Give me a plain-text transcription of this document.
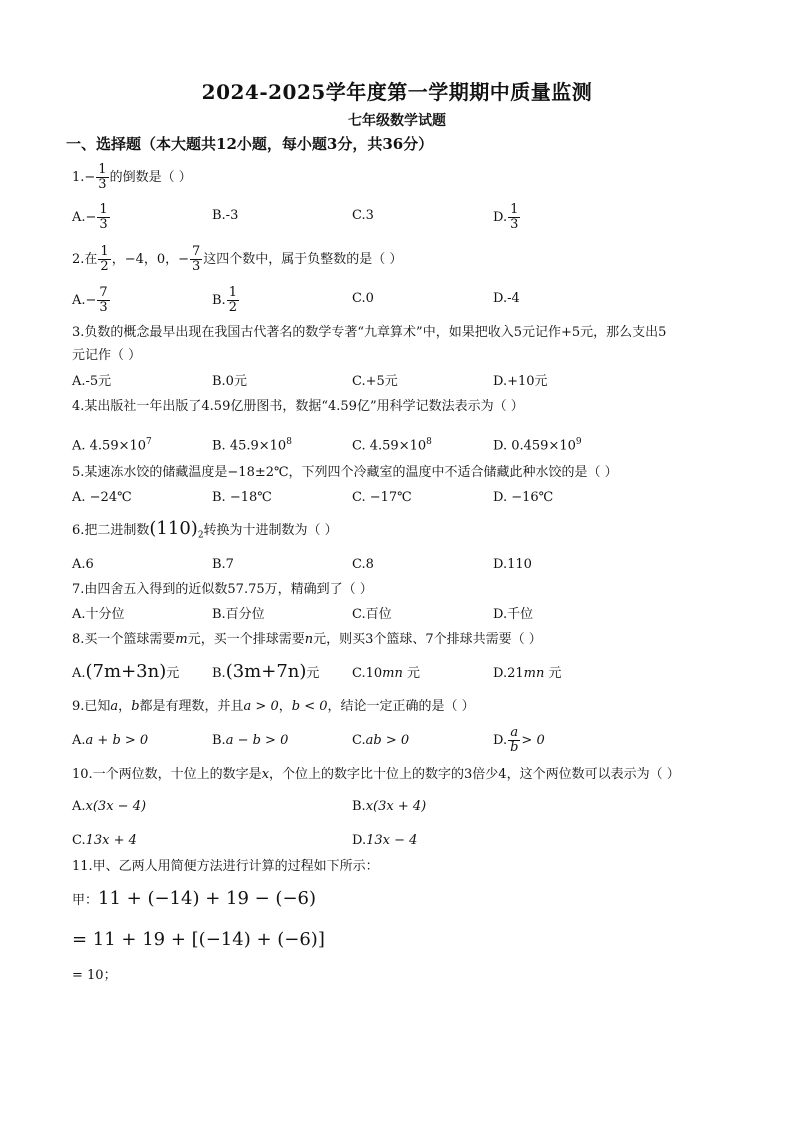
2024-2025学年度第一学期期中质量监测
七年级数学试题
一、选择题（本大题共12小题，每小题3分，共36分）
$1.- \frac{1}{3}$ 的倒数是（ ）
$A.- \frac{1}{3}$	B.-3	C.3	D. $\frac{1}{3}$
2.在 $\frac{1}{2}$ ，−4，0，− $\frac{7}{3}$ 这四个数中，属于负整数的是（ ）
$A.- \frac{7}{3}$	B. $\frac{1}{2}$	C.0	D.-4
3.负数的概念最早出现在我国古代著名的数学专著“九章算术”中，如果把收入5元记作+5元，那么支出5
元记作（ ）
A.-5元	B.0元	C.+5元	D.+10元
4.某出版社一年出版了4.59亿册图书，数据“4.59亿”用科学记数法表示为（ ）
A. $4.59\times 10^7$	B. $45.9\times 10^8$	C. $4.59\times 10^8$	D. $0.459\times 10^9$
5.某速冻水饺的储藏温度是−18±2℃，下列四个冷藏室的温度中不适合储藏此种水饺的是（ ）
A. −24℃	B. −18℃	C. −17℃	D. −16℃
6.把二进制数$(110)_2$转换为十进制数为（ ）
A.6	B.7	C.8	D.110
7.由四舍五入得到的近似数57.75万，精确到了（ ）
A.十分位	B.百分位	C.百位	D.千位
8.买一个篮球需要m元，买一个排球需要n元，则买3个篮球、7个排球共需要（ ）
A.(7m+3n)元	B.(3m+7n)元	C.10mn 元	D.21mn 元
9.已知a，b都是有理数，并且a > 0，b < 0，结论一定正确的是（ ）
A.a + b > 0	B.a − b > 0	C.ab > 0	D. $\frac{a}{b} > 0$
10.一个两位数，十位上的数字是x，个位上的数字比十位上的数字的3倍少4，这个两位数可以表示为（ ）
A.x(3x − 4)	B.x(3x + 4)
C.13x + 4	D.13x − 4
11.甲、乙两人用简便方法进行计算的过程如下所示：
甲：11 + (−14) + 19 − (−6)
= 11 + 19 + [(−14) + (−6)]
= 10；
